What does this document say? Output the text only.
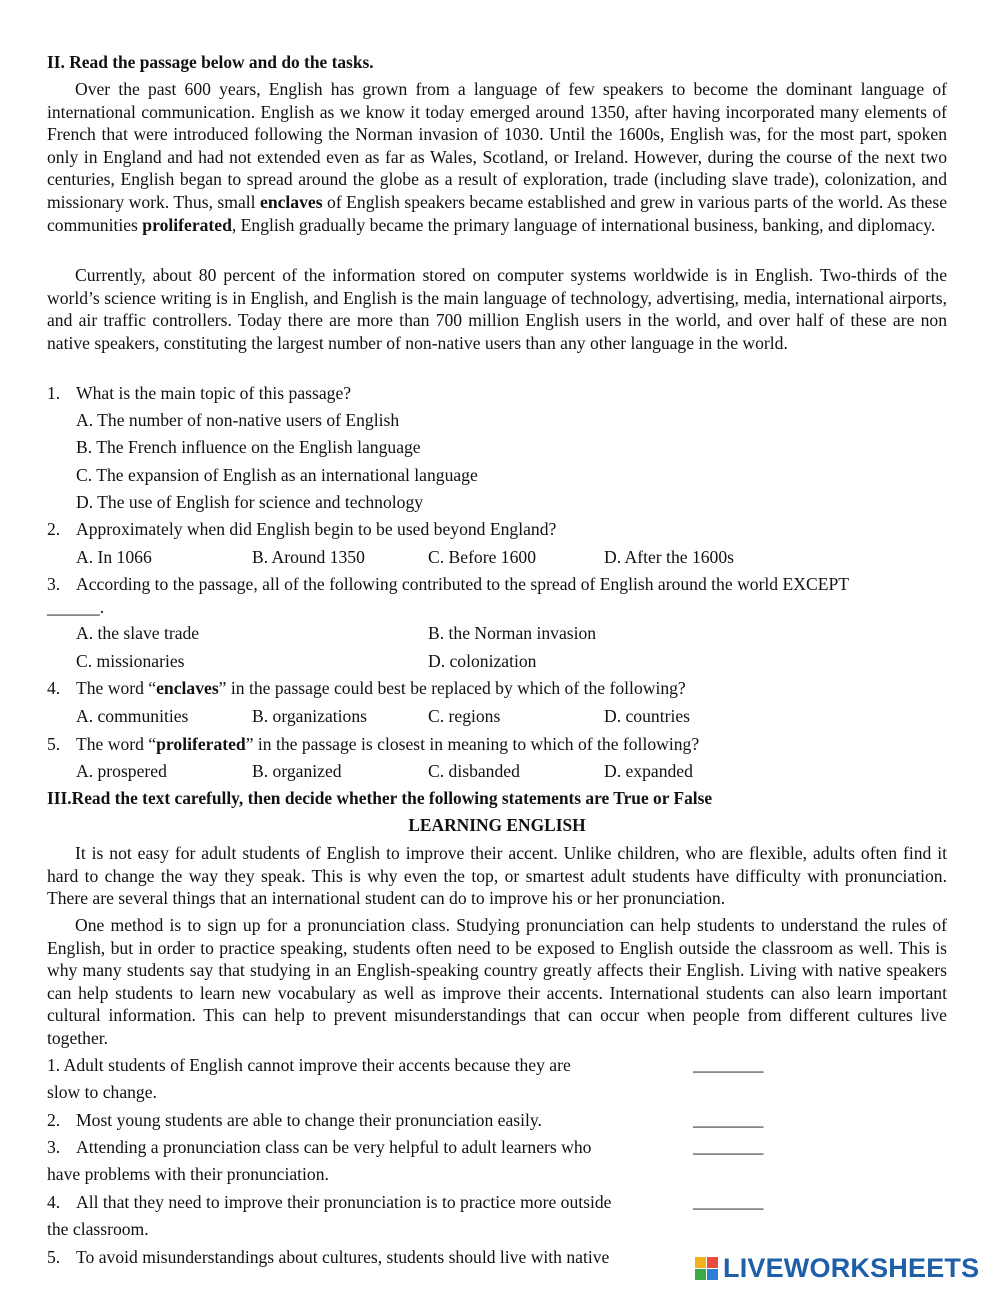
II. Read the passage below and do the tasks.
Over the past 600 years, English has grown from a language of few speakers to become the dominant language of international communication. English as we know it today emerged around 1350, after having incorporated many elements of French that were introduced following the Norman invasion of 1030. Until the 1600s, English was, for the most part, spoken only in England and had not extended even as far as Wales, Scotland, or Ireland. However, during the course of the next two centuries, English began to spread around the globe as a result of exploration, trade (including slave trade), colonization, and missionary work. Thus, small enclaves of English speakers became established and grew in various parts of the world. As these communities proliferated, English gradually became the primary language of international business, banking, and diplomacy.
Currently, about 80 percent of the information stored on computer systems worldwide is in English. Two-thirds of the world’s science writing is in English, and English is the main language of technology, advertising, media, international airports, and air traffic controllers. Today there are more than 700 million English users in the world, and over half of these are non native speakers, constituting the largest number of non-native users than any other language in the world.
1. What is the main topic of this passage?
A. The number of non-native users of English
B. The French influence on the English language
C. The expansion of English as an international language
D. The use of English for science and technology
2. Approximately when did English begin to be used beyond England?
A. In 1066	B. Around 1350	C. Before 1600	D. After the 1600s
3. According to the passage, all of the following contributed to the spread of English around the world EXCEPT
______.
A. the slave trade	B. the Norman invasion
C. missionaries	D. colonization
4. The word “enclaves” in the passage could best be replaced by which of the following?
A. communities	B. organizations	C. regions	D. countries
5. The word “proliferated” in the passage is closest in meaning to which of the following?
A. prospered	B. organized	C. disbanded	D. expanded
III.Read the text carefully, then decide whether the following statements are True or False
LEARNING ENGLISH
It is not easy for adult students of English to improve their accent. Unlike children, who are flexible, adults often find it hard to change the way they speak. This is why even the top, or smartest adult students have difficulty with pronunciation. There are several things that an international student can do to improve his or her pronunciation.
One method is to sign up for a pronunciation class. Studying pronunciation can help students to understand the rules of English, but in order to practice speaking, students often need to be exposed to English outside the classroom as well. This is why many students say that studying in an English-speaking country greatly affects their English. Living with native speakers can help students to learn new vocabulary as well as improve their accents. International students can also learn important cultural information. This can help to prevent misunderstandings that can occur when people from different cultures live together.
1. Adult students of English cannot improve their accents because they are
slow to change.
________
2. Most young students are able to change their pronunciation easily.	________
3. Attending a pronunciation class can be very helpful to adult learners who
have problems with their pronunciation.
________
4. All that they need to improve their pronunciation is to practice more outside
the classroom.
________
5. To avoid misunderstandings about cultures, students should live with native	LIVEWORKSHEETS
